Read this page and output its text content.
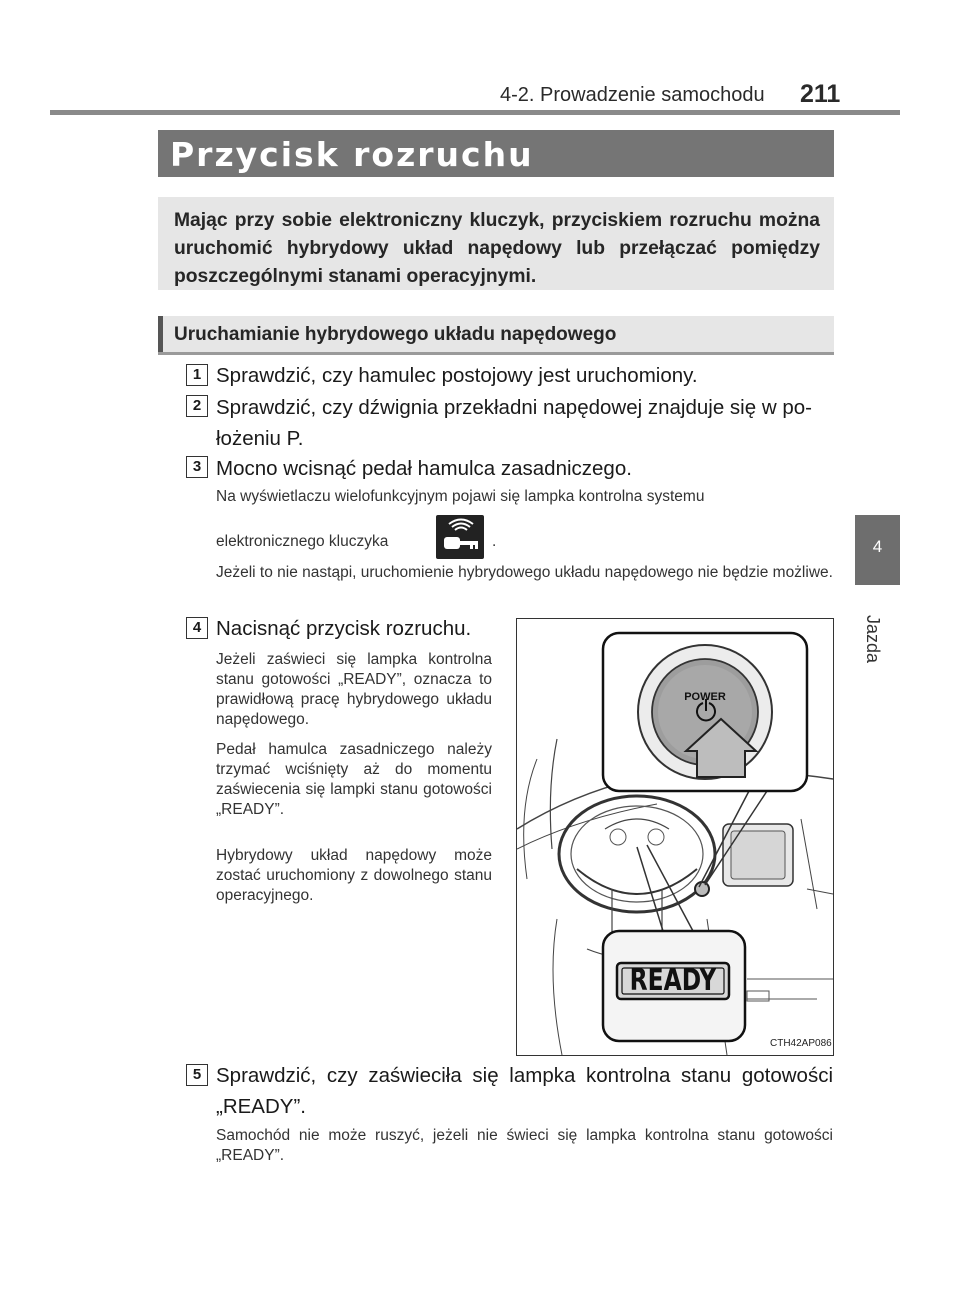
4-2. Prowadzenie samochodu 211
4
Jazda
Przycisk rozruchu

Mając przy sobie elektroniczny kluczyk, przyciskiem rozruchu można uruchomić hybrydowy układ napędowy lub przełączać pomiędzy poszczególnymi stanami operacyjnymi.

Uruchamianie hybrydowego układu napędowego
1 Sprawdzić, czy hamulec postojowy jest uruchomiony.
2 Sprawdzić, czy dźwignia przekładni napędowej znajduje się w po-
łożeniu P.
3 Mocno wcisnąć pedał hamulca zasadniczego.
Na wyświetlaczu wielofunkcyjnym pojawi się lampka kontrolna systemu
elektronicznego kluczyka	.
Jeżeli to nie nastąpi, uruchomienie hybrydowego układu napędowego nie będzie możliwe.
4 Nacisnąć przycisk rozruchu.
Jeżeli zaświeci się lampka kontrolna stanu gotowości „READY”, oznacza to prawidłową pracę hybrydowego układu napędowego.
Pedał hamulca zasadniczego należy trzymać wciśnięty aż do momentu zaświecenia się lampki stanu gotowości „READY”.
Hybrydowy układ napędowy może zostać uruchomiony z dowolnego stanu operacyjnego.
POWER
READY
CTH42AP086
5 Sprawdzić, czy zaświeciła się lampka kontrolna stanu gotowości „READY”.
Samochód nie może ruszyć, jeżeli nie świeci się lampka kontrolna stanu gotowości „READY”.
